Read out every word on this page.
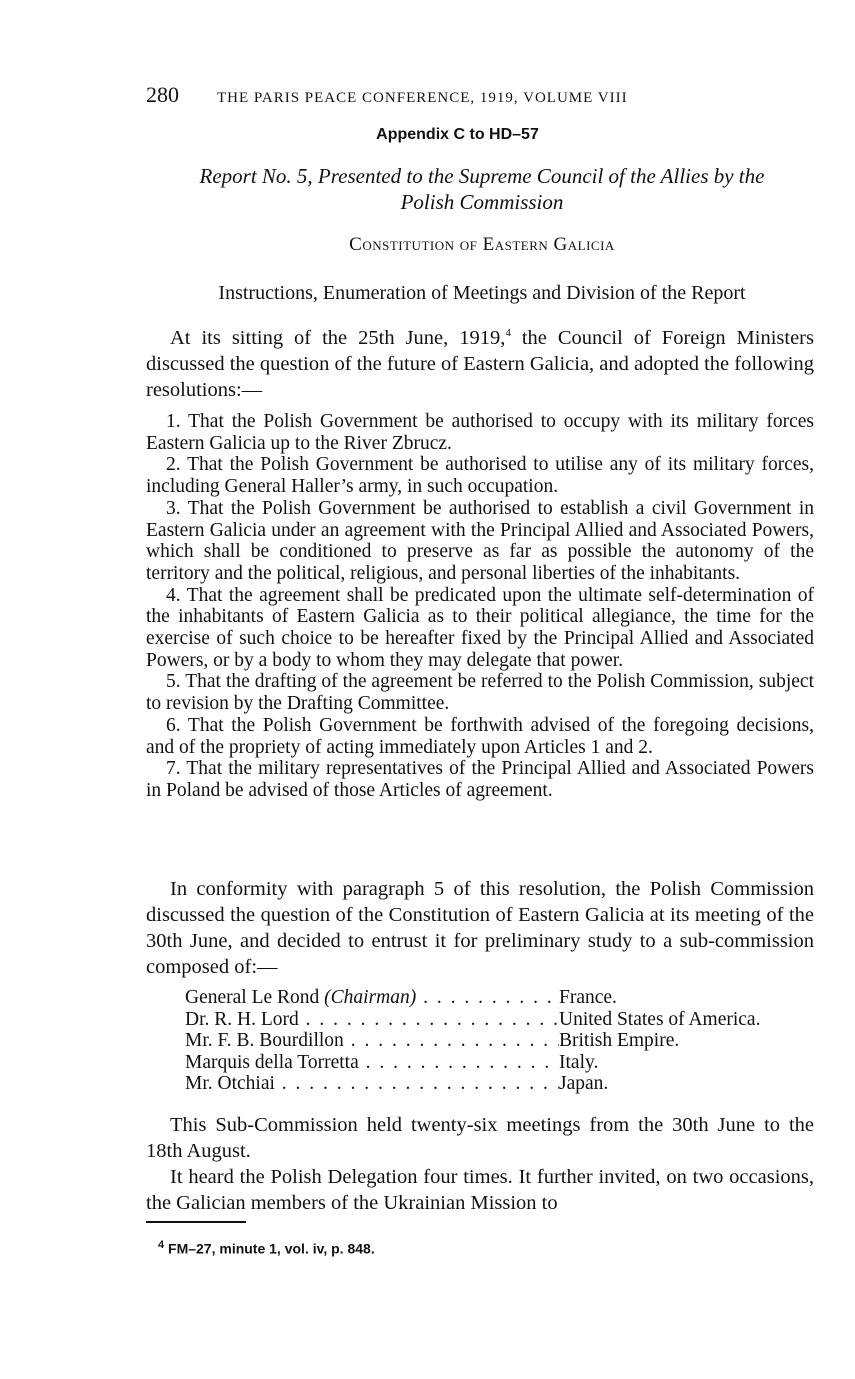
280	THE PARIS PEACE CONFERENCE, 1919, VOLUME VIII
Appendix C to HD–57
Report No. 5, Presented to the Supreme Council of the Allies by the
Polish Commission
Constitution of Eastern Galicia
Instructions, Enumeration of Meetings and Division of the Report
At its sitting of the 25th June, 1919,$^4$ the Council of Foreign Ministers discussed the question of the future of Eastern Galicia, and adopted the following resolutions:—
1. That the Polish Government be authorised to occupy with its military forces Eastern Galicia up to the River Zbrucz.
2. That the Polish Government be authorised to utilise any of its military forces, including General Haller’s army, in such occupation.
3. That the Polish Government be authorised to establish a civil Government in Eastern Galicia under an agreement with the Principal Allied and Associated Powers, which shall be conditioned to preserve as far as possible the autonomy of the territory and the political, religious, and personal liberties of the inhabitants.
4. That the agreement shall be predicated upon the ultimate self-determination of the inhabitants of Eastern Galicia as to their political allegiance, the time for the exercise of such choice to be hereafter fixed by the Principal Allied and Associated Powers, or by a body to whom they may delegate that power.
5. That the drafting of the agreement be referred to the Polish Commission, subject to revision by the Drafting Committee.
6. That the Polish Government be forthwith advised of the foregoing decisions, and of the propriety of acting immediately upon Articles 1 and 2.
7. That the military representatives of the Principal Allied and Associated Powers in Poland be advised of those Articles of agreement.
In conformity with paragraph 5 of this resolution, the Polish Commission discussed the question of the Constitution of Eastern Galicia at its meeting of the 30th June, and decided to entrust it for preliminary study to a sub-commission composed of:—
General Le Rond (Chairman) . . .	France.
Dr. R. H. Lord . . .	United States of America.
Mr. F. B. Bourdillon . . .	British Empire.
Marquis della Torretta . . .	Italy.
Mr. Otchiai . . .	Japan.
This Sub-Commission held twenty-six meetings from the 30th June to the 18th August.
It heard the Polish Delegation four times. It further invited, on two occasions, the Galician members of the Ukrainian Mission to
$^4$ FM–27, minute 1, vol. iv, p. 848.
